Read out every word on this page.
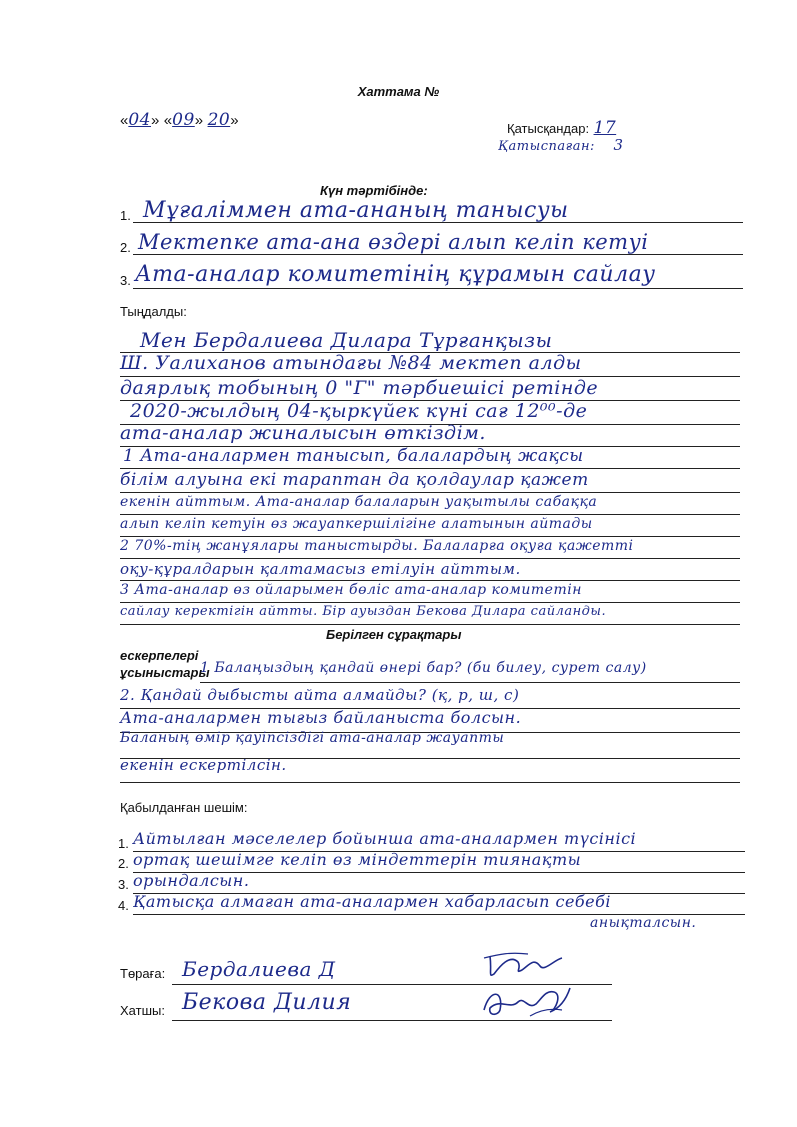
Хаттама №
«04» «09» 20»	Қатысқандар: 17
Қатыспаған: 3
Күн тәртібінде:
1. Мұғаліммен ата-ананың танысуы
2. Мектепке ата-ана өздері алып келіп кетуі
3. Ата-аналар комитетінің құрамын сайлау
Тыңдалды:
Мен Бердалиева Дилара Тұрғанқызы
Ш. Уалиханов атындағы №84 мектеп алды
даярлық тобының 0 "Г" тәрбиешісі ретінде
2020-жылдың 04-қыркүйек күні сағ 12⁰⁰-де
ата-аналар жиналысын өткіздім.
1 Ата-аналармен танысып, балалардың жақсы
білім алуына екі тараптан да қолдаулар қажет
екенін айттым. Ата-аналар балаларын уақытылы сабаққа
алып келіп кетуін өз жауапкершілігіне алатынын айтады
2 70%-тің жанұялары таныстырды. Балаларға оқуға қажетті
оқу-құралдарын қалтамасыз етілуін айттым.
3 Ата-аналар өз ойларымен бөліс ата-аналар комитетін
сайлау керектігін айтты. Бір ауыздан Бекова Дилара сайланды.
Берілген сұрақтары
ескерпелері
ұсыныстары
1 Балаңыздың қандай өнері бар? (би билеу, сурет салу)
2. Қандай дыбысты айта алмайды? (қ, р, ш, с)
Ата-аналармен тығыз байланыста болсын.
Баланың өмір қауіпсіздігі ата-аналар жауапты
екенін ескертілсін.
Қабылданған шешім:
1. Айтылған мәселелер бойынша ата-аналармен түсінісі
2. ортақ шешімге келіп өз міндеттерін тиянақты
3. орындалсын.
4. Қатысқа алмаған ата-аналармен хабарласып себебі
анықталсын.
Төраға: Бердалиева Д
Хатшы: Бекова Дилия
